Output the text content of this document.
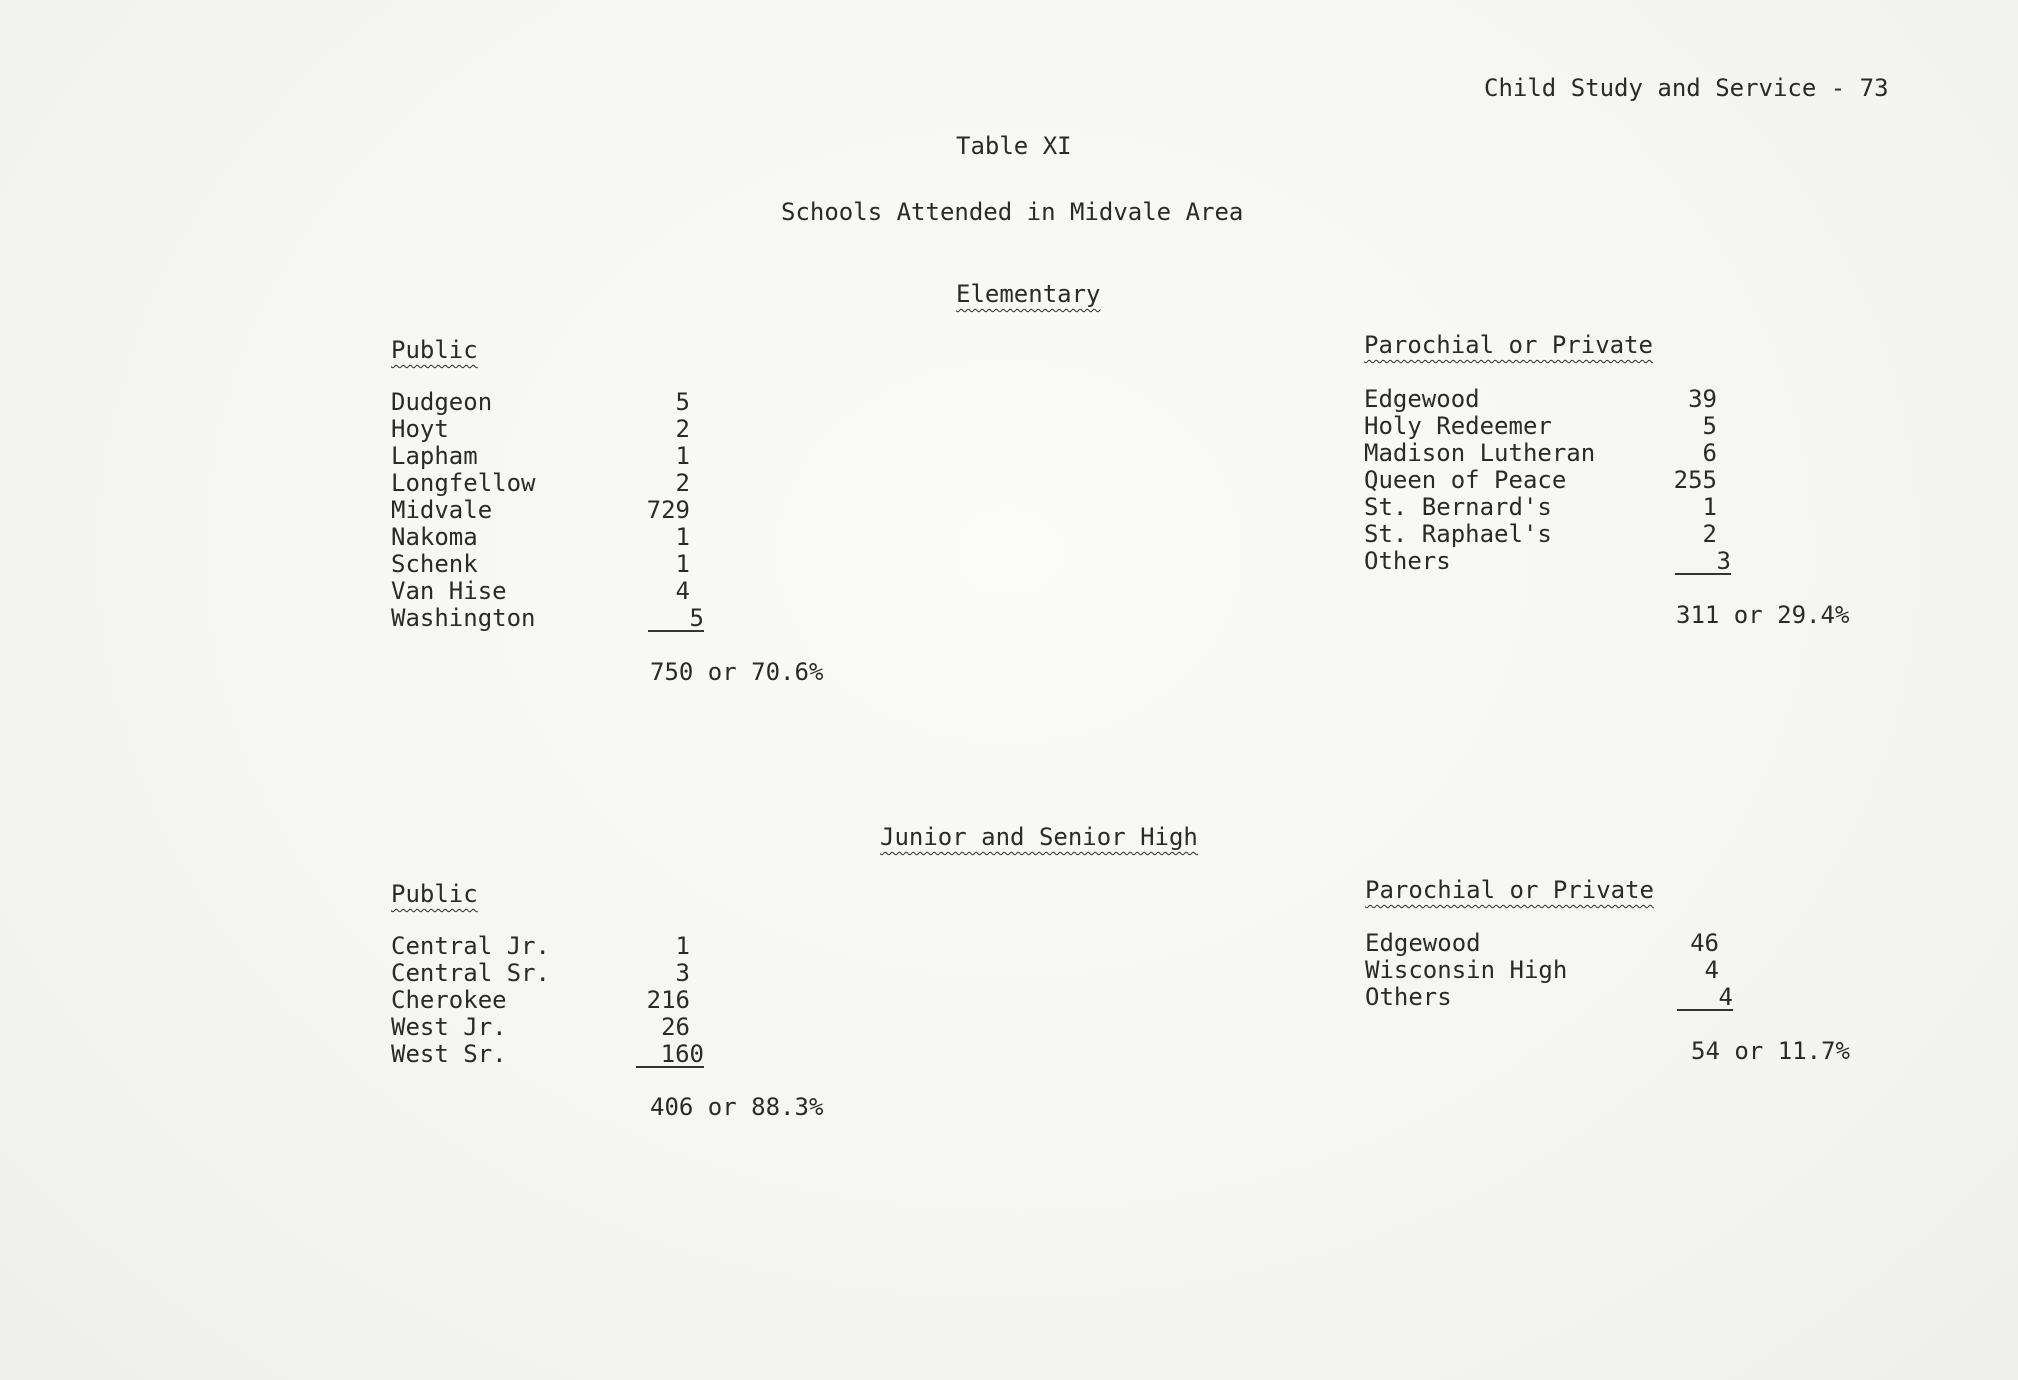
Child Study and Service - 73
Table XI
Schools Attended in Midvale Area
Elementary
Public
Dudgeon	5
Hoyt	2
Lapham	1
Longfellow	2
Midvale	729
Nakoma	1
Schenk	1
Van Hise	4
Washington	5
750 or 70.6%
Parochial or Private
Edgewood	39
Holy Redeemer	5
Madison Lutheran	6
Queen of Peace	255
St. Bernard's	1
St. Raphael's	2
Others	3
311 or 29.4%
Junior and Senior High
Public
Central Jr.	1
Central Sr.	3
Cherokee	216
West Jr.	26
West Sr.	160
406 or 88.3%
Parochial or Private
Edgewood	46
Wisconsin High	4
Others	4
54 or 11.7%
